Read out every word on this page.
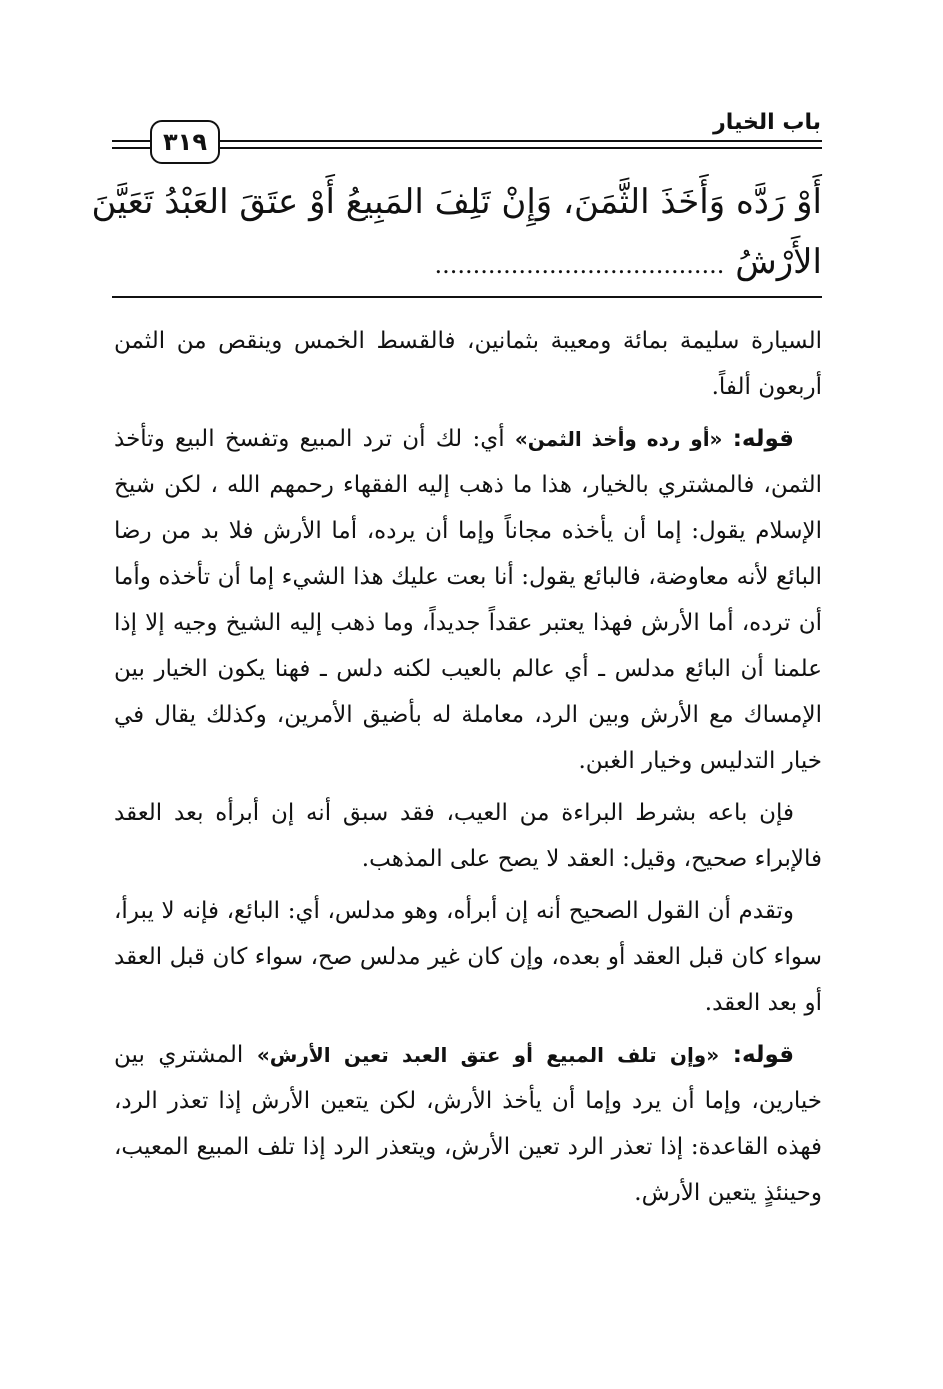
باب الخيار
٣١٩
أَوْ رَدَّه وَأَخَذَ الثَّمَنَ، وَإِنْ تَلِفَ المَبِيعُ أَوْ عتَقَ العَبْدُ تَعَيَّنَ
الأَرْشُ ......................................

السيارة سليمة بمائة ومعيبة بثمانين، فالقسط الخمس وينقص من الثمن أربعون ألفاً.

قوله: «أو رده وأخذ الثمن» أي: لك أن ترد المبيع وتفسخ البيع وتأخذ الثمن، فالمشتري بالخيار، هذا ما ذهب إليه الفقهاء رحمهم الله ، لكن شيخ الإسلام يقول: إما أن يأخذه مجاناً وإما أن يرده، أما الأرش فلا بد من رضا البائع لأنه معاوضة، فالبائع يقول: أنا بعت عليك هذا الشيء إما أن تأخذه وأما أن ترده، أما الأرش فهذا يعتبر عقداً جديداً، وما ذهب إليه الشيخ وجيه إلا إذا علمنا أن البائع مدلس ـ أي عالم بالعيب لكنه دلس ـ فهنا يكون الخيار بين الإمساك مع الأرش وبين الرد، معاملة له بأضيق الأمرين، وكذلك يقال في خيار التدليس وخيار الغبن.

فإن باعه بشرط البراءة من العيب، فقد سبق أنه إن أبرأه بعد العقد فالإبراء صحيح، وقيل: العقد لا يصح على المذهب.

وتقدم أن القول الصحيح أنه إن أبرأه، وهو مدلس، أي: البائع، فإنه لا يبرأ، سواء كان قبل العقد أو بعده، وإن كان غير مدلس صح، سواء كان قبل العقد أو بعد العقد.

قوله: «وإن تلف المبيع أو عتق العبد تعين الأرش» المشتري بين خيارين، وإما أن يرد وإما أن يأخذ الأرش، لكن يتعين الأرش إذا تعذر الرد، فهذه القاعدة: إذا تعذر الرد تعين الأرش، ويتعذر الرد إذا تلف المبيع المعيب، وحينئذٍ يتعين الأرش.
